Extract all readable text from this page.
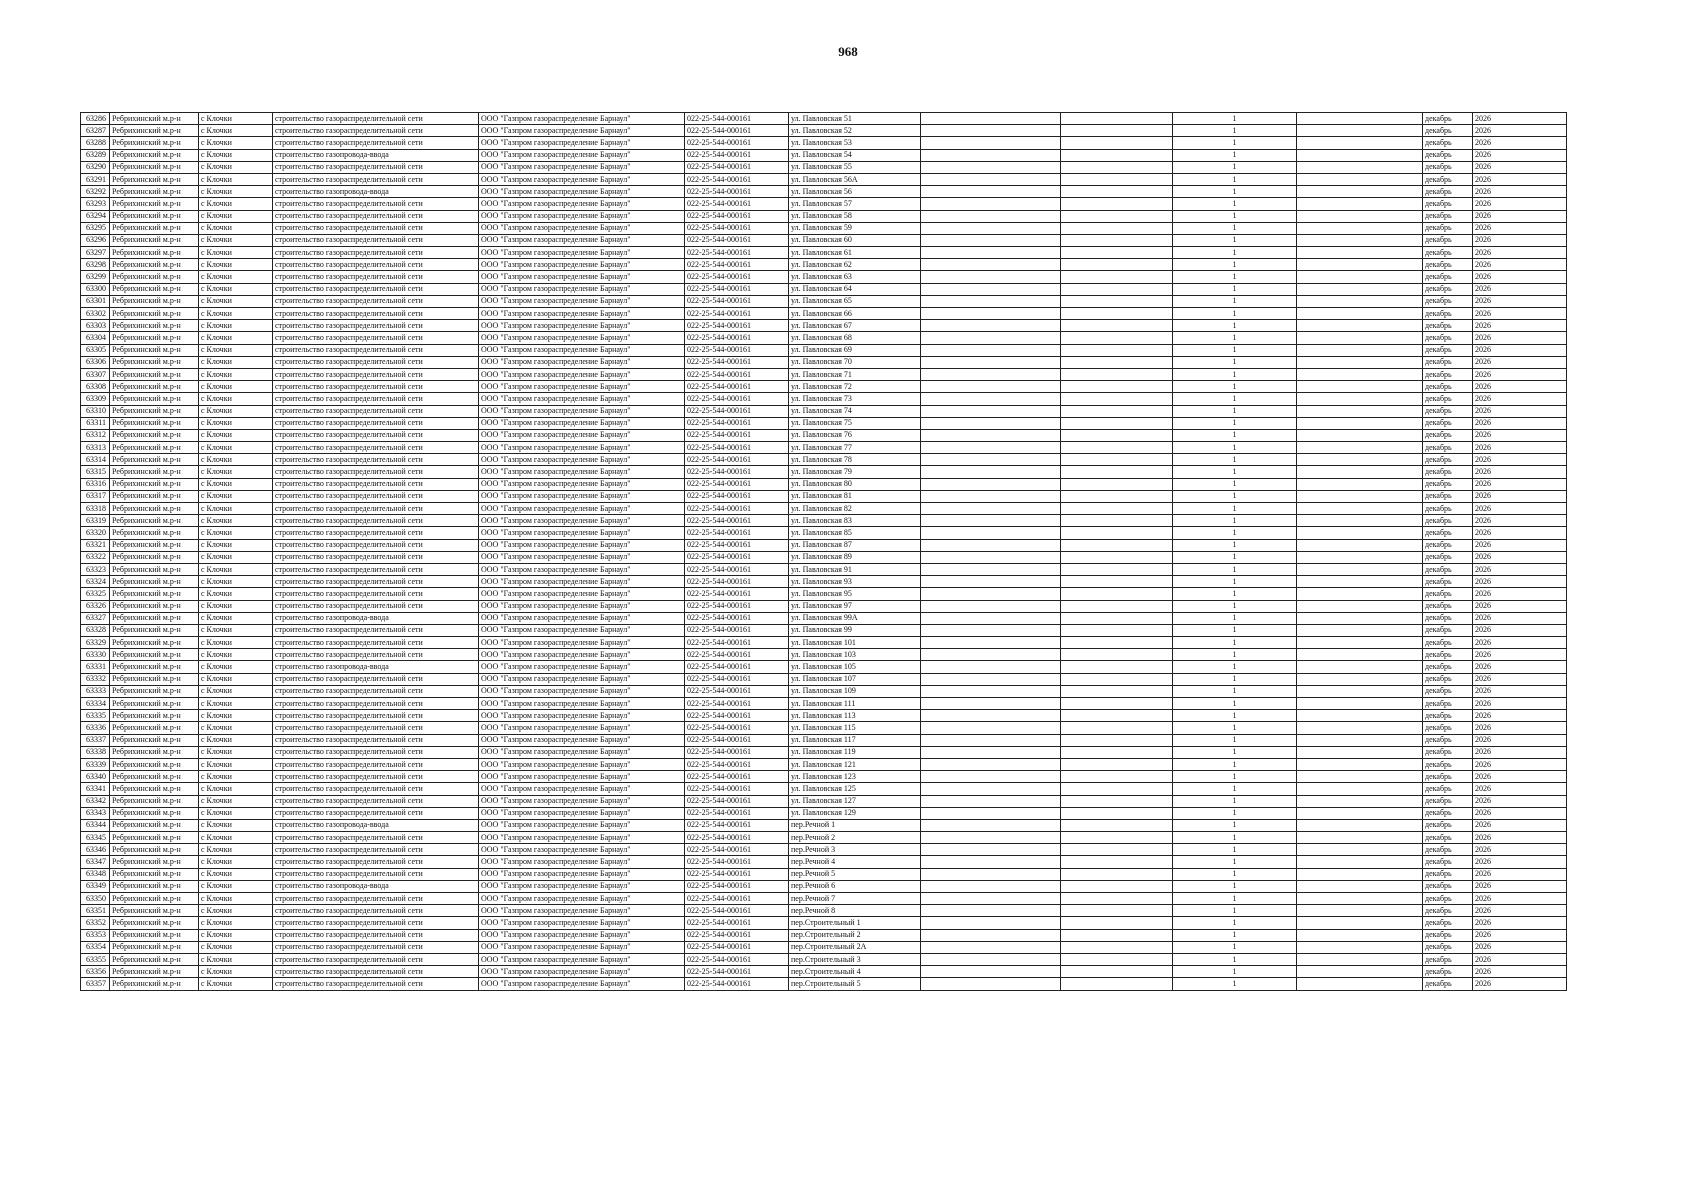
968
63286	Ребрихинский м.р-н	с Клочки	строительство газораспределительной сети	ООО "Газпром газораспределение Барнаул"	022-25-544-000161	ул. Павловская 51			1		декабрь	2026
63287	Ребрихинский м.р-н	с Клочки	строительство газораспределительной сети	ООО "Газпром газораспределение Барнаул"	022-25-544-000161	ул. Павловская 52			1		декабрь	2026
63288	Ребрихинский м.р-н	с Клочки	строительство газораспределительной сети	ООО "Газпром газораспределение Барнаул"	022-25-544-000161	ул. Павловская 53			1		декабрь	2026
63289	Ребрихинский м.р-н	с Клочки	строительство газопровода-ввода	ООО "Газпром газораспределение Барнаул"	022-25-544-000161	ул. Павловская 54			1		декабрь	2026
63290	Ребрихинский м.р-н	с Клочки	строительство газораспределительной сети	ООО "Газпром газораспределение Барнаул"	022-25-544-000161	ул. Павловская 55			1		декабрь	2026
63291	Ребрихинский м.р-н	с Клочки	строительство газораспределительной сети	ООО "Газпром газораспределение Барнаул"	022-25-544-000161	ул. Павловская 56А			1		декабрь	2026
63292	Ребрихинский м.р-н	с Клочки	строительство газопровода-ввода	ООО "Газпром газораспределение Барнаул"	022-25-544-000161	ул. Павловская 56			1		декабрь	2026
63293	Ребрихинский м.р-н	с Клочки	строительство газораспределительной сети	ООО "Газпром газораспределение Барнаул"	022-25-544-000161	ул. Павловская 57			1		декабрь	2026
63294	Ребрихинский м.р-н	с Клочки	строительство газораспределительной сети	ООО "Газпром газораспределение Барнаул"	022-25-544-000161	ул. Павловская 58			1		декабрь	2026
63295	Ребрихинский м.р-н	с Клочки	строительство газораспределительной сети	ООО "Газпром газораспределение Барнаул"	022-25-544-000161	ул. Павловская 59			1		декабрь	2026
63296	Ребрихинский м.р-н	с Клочки	строительство газораспределительной сети	ООО "Газпром газораспределение Барнаул"	022-25-544-000161	ул. Павловская 60			1		декабрь	2026
63297	Ребрихинский м.р-н	с Клочки	строительство газораспределительной сети	ООО "Газпром газораспределение Барнаул"	022-25-544-000161	ул. Павловская 61			1		декабрь	2026
63298	Ребрихинский м.р-н	с Клочки	строительство газораспределительной сети	ООО "Газпром газораспределение Барнаул"	022-25-544-000161	ул. Павловская 62			1		декабрь	2026
63299	Ребрихинский м.р-н	с Клочки	строительство газораспределительной сети	ООО "Газпром газораспределение Барнаул"	022-25-544-000161	ул. Павловская 63			1		декабрь	2026
63300	Ребрихинский м.р-н	с Клочки	строительство газораспределительной сети	ООО "Газпром газораспределение Барнаул"	022-25-544-000161	ул. Павловская 64			1		декабрь	2026
63301	Ребрихинский м.р-н	с Клочки	строительство газораспределительной сети	ООО "Газпром газораспределение Барнаул"	022-25-544-000161	ул. Павловская 65			1		декабрь	2026
63302	Ребрихинский м.р-н	с Клочки	строительство газораспределительной сети	ООО "Газпром газораспределение Барнаул"	022-25-544-000161	ул. Павловская 66			1		декабрь	2026
63303	Ребрихинский м.р-н	с Клочки	строительство газораспределительной сети	ООО "Газпром газораспределение Барнаул"	022-25-544-000161	ул. Павловская 67			1		декабрь	2026
63304	Ребрихинский м.р-н	с Клочки	строительство газораспределительной сети	ООО "Газпром газораспределение Барнаул"	022-25-544-000161	ул. Павловская 68			1		декабрь	2026
63305	Ребрихинский м.р-н	с Клочки	строительство газораспределительной сети	ООО "Газпром газораспределение Барнаул"	022-25-544-000161	ул. Павловская 69			1		декабрь	2026
63306	Ребрихинский м.р-н	с Клочки	строительство газораспределительной сети	ООО "Газпром газораспределение Барнаул"	022-25-544-000161	ул. Павловская 70			1		декабрь	2026
63307	Ребрихинский м.р-н	с Клочки	строительство газораспределительной сети	ООО "Газпром газораспределение Барнаул"	022-25-544-000161	ул. Павловская 71			1		декабрь	2026
63308	Ребрихинский м.р-н	с Клочки	строительство газораспределительной сети	ООО "Газпром газораспределение Барнаул"	022-25-544-000161	ул. Павловская 72			1		декабрь	2026
63309	Ребрихинский м.р-н	с Клочки	строительство газораспределительной сети	ООО "Газпром газораспределение Барнаул"	022-25-544-000161	ул. Павловская 73			1		декабрь	2026
63310	Ребрихинский м.р-н	с Клочки	строительство газораспределительной сети	ООО "Газпром газораспределение Барнаул"	022-25-544-000161	ул. Павловская 74			1		декабрь	2026
63311	Ребрихинский м.р-н	с Клочки	строительство газораспределительной сети	ООО "Газпром газораспределение Барнаул"	022-25-544-000161	ул. Павловская 75			1		декабрь	2026
63312	Ребрихинский м.р-н	с Клочки	строительство газораспределительной сети	ООО "Газпром газораспределение Барнаул"	022-25-544-000161	ул. Павловская 76			1		декабрь	2026
63313	Ребрихинский м.р-н	с Клочки	строительство газораспределительной сети	ООО "Газпром газораспределение Барнаул"	022-25-544-000161	ул. Павловская 77			1		декабрь	2026
63314	Ребрихинский м.р-н	с Клочки	строительство газораспределительной сети	ООО "Газпром газораспределение Барнаул"	022-25-544-000161	ул. Павловская 78			1		декабрь	2026
63315	Ребрихинский м.р-н	с Клочки	строительство газораспределительной сети	ООО "Газпром газораспределение Барнаул"	022-25-544-000161	ул. Павловская 79			1		декабрь	2026
63316	Ребрихинский м.р-н	с Клочки	строительство газораспределительной сети	ООО "Газпром газораспределение Барнаул"	022-25-544-000161	ул. Павловская 80			1		декабрь	2026
63317	Ребрихинский м.р-н	с Клочки	строительство газораспределительной сети	ООО "Газпром газораспределение Барнаул"	022-25-544-000161	ул. Павловская 81			1		декабрь	2026
63318	Ребрихинский м.р-н	с Клочки	строительство газораспределительной сети	ООО "Газпром газораспределение Барнаул"	022-25-544-000161	ул. Павловская 82			1		декабрь	2026
63319	Ребрихинский м.р-н	с Клочки	строительство газораспределительной сети	ООО "Газпром газораспределение Барнаул"	022-25-544-000161	ул. Павловская 83			1		декабрь	2026
63320	Ребрихинский м.р-н	с Клочки	строительство газораспределительной сети	ООО "Газпром газораспределение Барнаул"	022-25-544-000161	ул. Павловская 85			1		декабрь	2026
63321	Ребрихинский м.р-н	с Клочки	строительство газораспределительной сети	ООО "Газпром газораспределение Барнаул"	022-25-544-000161	ул. Павловская 87			1		декабрь	2026
63322	Ребрихинский м.р-н	с Клочки	строительство газораспределительной сети	ООО "Газпром газораспределение Барнаул"	022-25-544-000161	ул. Павловская 89			1		декабрь	2026
63323	Ребрихинский м.р-н	с Клочки	строительство газораспределительной сети	ООО "Газпром газораспределение Барнаул"	022-25-544-000161	ул. Павловская 91			1		декабрь	2026
63324	Ребрихинский м.р-н	с Клочки	строительство газораспределительной сети	ООО "Газпром газораспределение Барнаул"	022-25-544-000161	ул. Павловская 93			1		декабрь	2026
63325	Ребрихинский м.р-н	с Клочки	строительство газораспределительной сети	ООО "Газпром газораспределение Барнаул"	022-25-544-000161	ул. Павловская 95			1		декабрь	2026
63326	Ребрихинский м.р-н	с Клочки	строительство газораспределительной сети	ООО "Газпром газораспределение Барнаул"	022-25-544-000161	ул. Павловская 97			1		декабрь	2026
63327	Ребрихинский м.р-н	с Клочки	строительство газопровода-ввода	ООО "Газпром газораспределение Барнаул"	022-25-544-000161	ул. Павловская 99А			1		декабрь	2026
63328	Ребрихинский м.р-н	с Клочки	строительство газораспределительной сети	ООО "Газпром газораспределение Барнаул"	022-25-544-000161	ул. Павловская 99			1		декабрь	2026
63329	Ребрихинский м.р-н	с Клочки	строительство газораспределительной сети	ООО "Газпром газораспределение Барнаул"	022-25-544-000161	ул. Павловская 101			1		декабрь	2026
63330	Ребрихинский м.р-н	с Клочки	строительство газораспределительной сети	ООО "Газпром газораспределение Барнаул"	022-25-544-000161	ул. Павловская 103			1		декабрь	2026
63331	Ребрихинский м.р-н	с Клочки	строительство газопровода-ввода	ООО "Газпром газораспределение Барнаул"	022-25-544-000161	ул. Павловская 105			1		декабрь	2026
63332	Ребрихинский м.р-н	с Клочки	строительство газораспределительной сети	ООО "Газпром газораспределение Барнаул"	022-25-544-000161	ул. Павловская 107			1		декабрь	2026
63333	Ребрихинский м.р-н	с Клочки	строительство газораспределительной сети	ООО "Газпром газораспределение Барнаул"	022-25-544-000161	ул. Павловская 109			1		декабрь	2026
63334	Ребрихинский м.р-н	с Клочки	строительство газораспределительной сети	ООО "Газпром газораспределение Барнаул"	022-25-544-000161	ул. Павловская 111			1		декабрь	2026
63335	Ребрихинский м.р-н	с Клочки	строительство газораспределительной сети	ООО "Газпром газораспределение Барнаул"	022-25-544-000161	ул. Павловская 113			1		декабрь	2026
63336	Ребрихинский м.р-н	с Клочки	строительство газораспределительной сети	ООО "Газпром газораспределение Барнаул"	022-25-544-000161	ул. Павловская 115			1		декабрь	2026
63337	Ребрихинский м.р-н	с Клочки	строительство газораспределительной сети	ООО "Газпром газораспределение Барнаул"	022-25-544-000161	ул. Павловская 117			1		декабрь	2026
63338	Ребрихинский м.р-н	с Клочки	строительство газораспределительной сети	ООО "Газпром газораспределение Барнаул"	022-25-544-000161	ул. Павловская 119			1		декабрь	2026
63339	Ребрихинский м.р-н	с Клочки	строительство газораспределительной сети	ООО "Газпром газораспределение Барнаул"	022-25-544-000161	ул. Павловская 121			1		декабрь	2026
63340	Ребрихинский м.р-н	с Клочки	строительство газораспределительной сети	ООО "Газпром газораспределение Барнаул"	022-25-544-000161	ул. Павловская 123			1		декабрь	2026
63341	Ребрихинский м.р-н	с Клочки	строительство газораспределительной сети	ООО "Газпром газораспределение Барнаул"	022-25-544-000161	ул. Павловская 125			1		декабрь	2026
63342	Ребрихинский м.р-н	с Клочки	строительство газораспределительной сети	ООО "Газпром газораспределение Барнаул"	022-25-544-000161	ул. Павловская 127			1		декабрь	2026
63343	Ребрихинский м.р-н	с Клочки	строительство газораспределительной сети	ООО "Газпром газораспределение Барнаул"	022-25-544-000161	ул. Павловская 129			1		декабрь	2026
63344	Ребрихинский м.р-н	с Клочки	строительство газопровода-ввода	ООО "Газпром газораспределение Барнаул"	022-25-544-000161	пер.Речной 1			1		декабрь	2026
63345	Ребрихинский м.р-н	с Клочки	строительство газораспределительной сети	ООО "Газпром газораспределение Барнаул"	022-25-544-000161	пер.Речной 2			1		декабрь	2026
63346	Ребрихинский м.р-н	с Клочки	строительство газораспределительной сети	ООО "Газпром газораспределение Барнаул"	022-25-544-000161	пер.Речной 3			1		декабрь	2026
63347	Ребрихинский м.р-н	с Клочки	строительство газораспределительной сети	ООО "Газпром газораспределение Барнаул"	022-25-544-000161	пер.Речной 4			1		декабрь	2026
63348	Ребрихинский м.р-н	с Клочки	строительство газораспределительной сети	ООО "Газпром газораспределение Барнаул"	022-25-544-000161	пер.Речной 5			1		декабрь	2026
63349	Ребрихинский м.р-н	с Клочки	строительство газопровода-ввода	ООО "Газпром газораспределение Барнаул"	022-25-544-000161	пер.Речной 6			1		декабрь	2026
63350	Ребрихинский м.р-н	с Клочки	строительство газораспределительной сети	ООО "Газпром газораспределение Барнаул"	022-25-544-000161	пер.Речной 7			1		декабрь	2026
63351	Ребрихинский м.р-н	с Клочки	строительство газораспределительной сети	ООО "Газпром газораспределение Барнаул"	022-25-544-000161	пер.Речной 8			1		декабрь	2026
63352	Ребрихинский м.р-н	с Клочки	строительство газораспределительной сети	ООО "Газпром газораспределение Барнаул"	022-25-544-000161	пер.Строительный 1			1		декабрь	2026
63353	Ребрихинский м.р-н	с Клочки	строительство газораспределительной сети	ООО "Газпром газораспределение Барнаул"	022-25-544-000161	пер.Строительный 2			1		декабрь	2026
63354	Ребрихинский м.р-н	с Клочки	строительство газораспределительной сети	ООО "Газпром газораспределение Барнаул"	022-25-544-000161	пер.Строительный 2А			1		декабрь	2026
63355	Ребрихинский м.р-н	с Клочки	строительство газораспределительной сети	ООО "Газпром газораспределение Барнаул"	022-25-544-000161	пер.Строительный 3			1		декабрь	2026
63356	Ребрихинский м.р-н	с Клочки	строительство газораспределительной сети	ООО "Газпром газораспределение Барнаул"	022-25-544-000161	пер.Строительный 4			1		декабрь	2026
63357	Ребрихинский м.р-н	с Клочки	строительство газораспределительной сети	ООО "Газпром газораспределение Барнаул"	022-25-544-000161	пер.Строительный 5			1		декабрь	2026
